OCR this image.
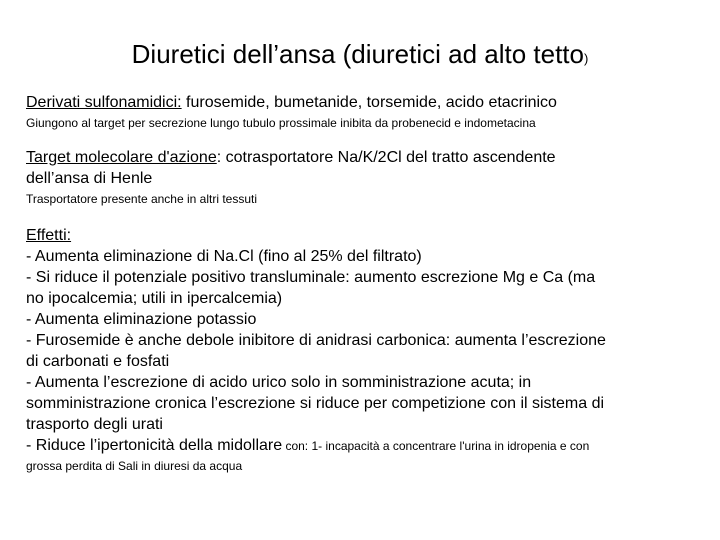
Diuretici dell’ansa (diuretici ad alto tetto)
Derivati sulfonamidici: furosemide, bumetanide, torsemide, acido etacrinico
Giungono al target per secrezione lungo tubulo prossimale inibita da probenecid e indometacina
Target molecolare d'azione: cotrasportatore Na/K/2Cl del tratto ascendente
dell’ansa di Henle
Trasportatore presente anche in altri tessuti
Effetti:
- Aumenta eliminazione di Na.Cl (fino al 25% del filtrato)
- Si riduce il potenziale positivo transluminale: aumento escrezione Mg e Ca (ma
no ipocalcemia; utili in ipercalcemia)
- Aumenta eliminazione potassio
- Furosemide è anche debole inibitore di anidrasi carbonica: aumenta l’escrezione
di carbonati e fosfati
- Aumenta l’escrezione di acido urico solo in somministrazione acuta; in
somministrazione cronica l’escrezione si riduce per competizione con il sistema di
trasporto degli urati
- Riduce l’ipertonicità della midollare con: 1- incapacità a concentrare l'urina in idropenia e con
grossa perdita di Sali in diuresi da acqua
